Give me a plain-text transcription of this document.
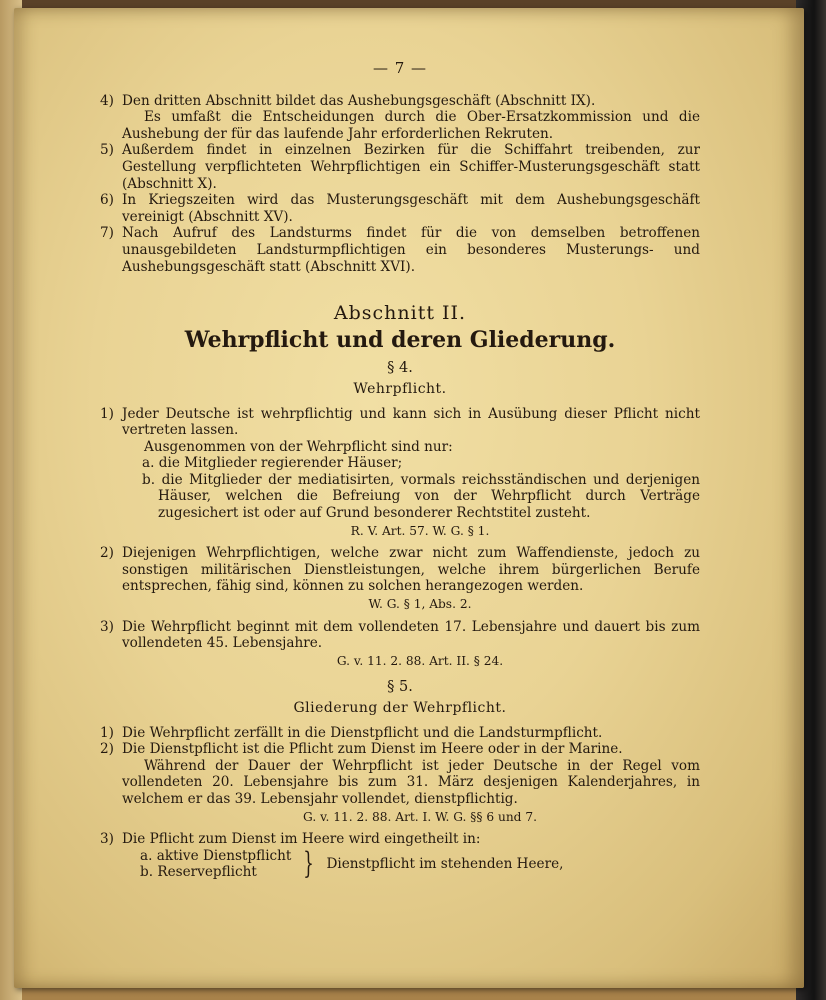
— 7 —

4) Den dritten Abschnitt bildet das Aushebungsgeschäft (Abschnitt IX).

Es umfaßt die Entscheidungen durch die Ober-Ersatzkommission und die Aushebung der für das laufende Jahr erforderlichen Rekruten.

5) Außerdem findet in einzelnen Bezirken für die Schiffahrt treibenden, zur Gestellung verpflichteten Wehrpflichtigen ein Schiffer-Musterungsgeschäft statt (Abschnitt X).

6) In Kriegszeiten wird das Musterungsgeschäft mit dem Aushebungsgeschäft vereinigt (Abschnitt XV).

7) Nach Aufruf des Landsturms findet für die von demselben betroffenen unausgebildeten Landsturmpflichtigen ein besonderes Musterungs- und Aushebungsgeschäft statt (Abschnitt XVI).

Abschnitt II.
Wehrpflicht und deren Gliederung.
§ 4.
Wehrpflicht.

1) Jeder Deutsche ist wehrpflichtig und kann sich in Ausübung dieser Pflicht nicht vertreten lassen.

Ausgenommen von der Wehrpflicht sind nur:

a. die Mitglieder regierender Häuser;

b. die Mitglieder der mediatisirten, vormals reichsständischen und derjenigen Häuser, welchen die Befreiung von der Wehrpflicht durch Verträge zugesichert ist oder auf Grund besonderer Rechtstitel zusteht.

R. V. Art. 57. W. G. § 1.

2) Diejenigen Wehrpflichtigen, welche zwar nicht zum Waffendienste, jedoch zu sonstigen militärischen Dienstleistungen, welche ihrem bürgerlichen Berufe entsprechen, fähig sind, können zu solchen herangezogen werden.

W. G. § 1, Abs. 2.

3) Die Wehrpflicht beginnt mit dem vollendeten 17. Lebensjahre und dauert bis zum vollendeten 45. Lebensjahre.

G. v. 11. 2. 88. Art. II. § 24.

§ 5.
Gliederung der Wehrpflicht.

1) Die Wehrpflicht zerfällt in die Dienstpflicht und die Landsturmpflicht.

2) Die Dienstpflicht ist die Pflicht zum Dienst im Heere oder in der Marine.

Während der Dauer der Wehrpflicht ist jeder Deutsche in der Regel vom vollendeten 20. Lebensjahre bis zum 31. März desjenigen Kalenderjahres, in welchem er das 39. Lebensjahr vollendet, dienstpflichtig.

G. v. 11. 2. 88. Art. I. W. G. §§ 6 und 7.

3) Die Pflicht zum Dienst im Heere wird eingetheilt in:

a. aktive Dienstpflicht
b. Reservepflicht	} Dienstpflicht im stehenden Heere,
